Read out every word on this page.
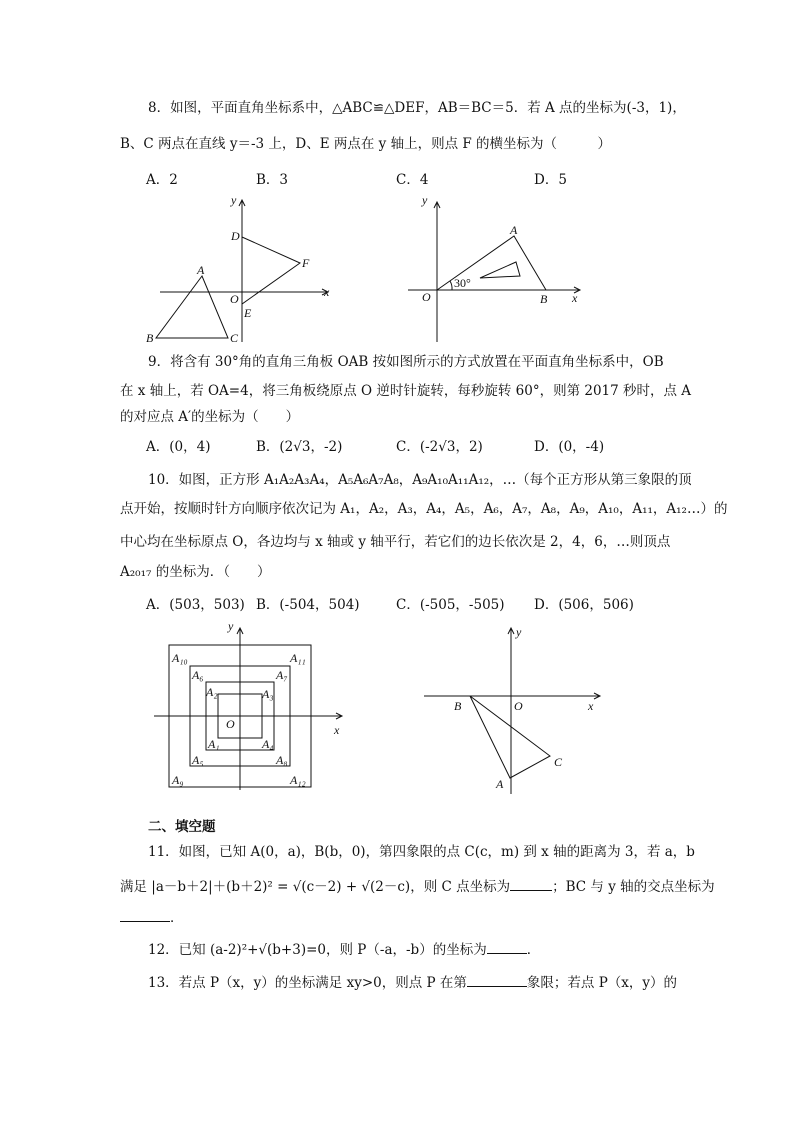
8．如图，平面直角坐标系中，△ABC≌△DEF，AB＝BC＝5．若 A 点的坐标为(-3，1)，
B、C 两点在直线 y＝-3 上，D、E 两点在 y 轴上，则点 F 的横坐标为（　　　）
A．2	B．3	C．4	D．5
y
D
F
A
O	x
E
B	C
y
A
O
30°
B x
9．将含有 30°角的直角三角板 OAB 按如图所示的方式放置在平面直角坐标系中，OB
在 x 轴上，若 OA=4，将三角板绕原点 O 逆时针旋转，每秒旋转 60°，则第 2017 秒时，点 A
的对应点 A′的坐标为（　　）
A．(0，4)	B．(2√3，-2)	C．(-2√3，2)	D．(0，-4)
10．如图，正方形 A₁A₂A₃A₄，A₅A₆A₇A₈，A₉A₁₀A₁₁A₁₂，…（每个正方形从第三象限的顶
点开始，按顺时针方向顺序依次记为 A₁，A₂，A₃，A₄，A₅，A₆，A₇，A₈，A₉，A₁₀，A₁₁，A₁₂…）的
中心均在坐标原点 O，各边均与 x 轴或 y 轴平行，若它们的边长依次是 2，4，6，…则顶点
A₂₀₁₇ 的坐标为．（　　）
A．(503，503) B．(-504，504)	C．(-505，-505) D．(506，506)
y
x
O
A₁₀	A₁₁
A₆	A₇
A₂	A₃
A₁	A₄
A₅	A₈
A₉	A₁₂
y
B	O	x
C
A
二、填空题
11．如图，已知 A(0，a)，B(b，0)，第四象限的点 C(c，m) 到 x 轴的距离为 3，若 a，b
满足 |a－b＋2|＋(b＋2)² = √(c－2) + √(2－c)，则 C 点坐标为	；BC 与 y 轴的交点坐标为
．
12．已知 (a-2)²+√(b+3)=0，则 P（-a，-b）的坐标为	．
13．若点 P（x，y）的坐标满足 xy>0，则点 P 在第	象限；若点 P（x，y）的
